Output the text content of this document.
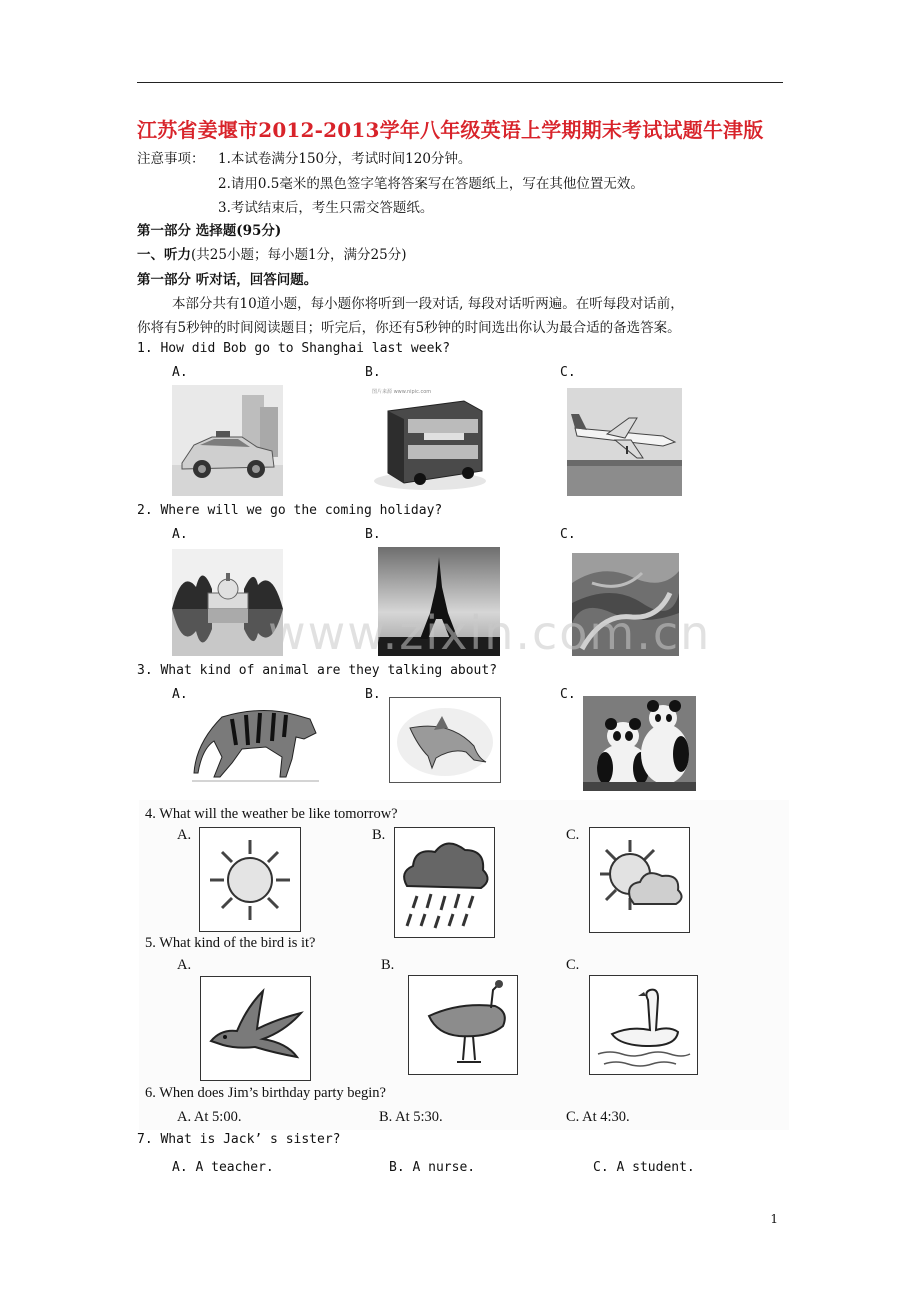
江苏省姜堰市2012-2013学年八年级英语上学期期末考试试题牛津版
注意事项： 1.本试卷满分150分，考试时间120分钟。
2.请用0.5毫米的黑色签字笔将答案写在答题纸上，写在其他位置无效。
3.考试结束后，考生只需交答题纸。
第一部分 选择题(95分)
一、听力(共25小题；每小题1分，满分25分)
第一部分 听对话，回答问题。
本部分共有10道小题，每小题你将听到一段对话, 每段对话听两遍。在听每段对话前，
你将有5秒钟的时间阅读题目；听完后，你还有5秒钟的时间选出你认为最合适的备选答案。
1. How did Bob go to Shanghai last week?
A.	B.	C.
图片来源 www.nipic.com
2. Where will we go the coming holiday?
A.	B.	C.
www.zixin.com.cn
3. What kind of animal are they talking about?
A.	B.	C.
4. What will the weather be like tomorrow?
A.	B.	C.
5. What kind of the bird is it?
A.	B.	C.
6. When does Jim’s birthday party begin?
A. At 5:00.	B. At 5:30.	C. At 4:30.
7. What is Jack’ s sister?
A. A teacher.	B. A nurse.	C. A student.
1
